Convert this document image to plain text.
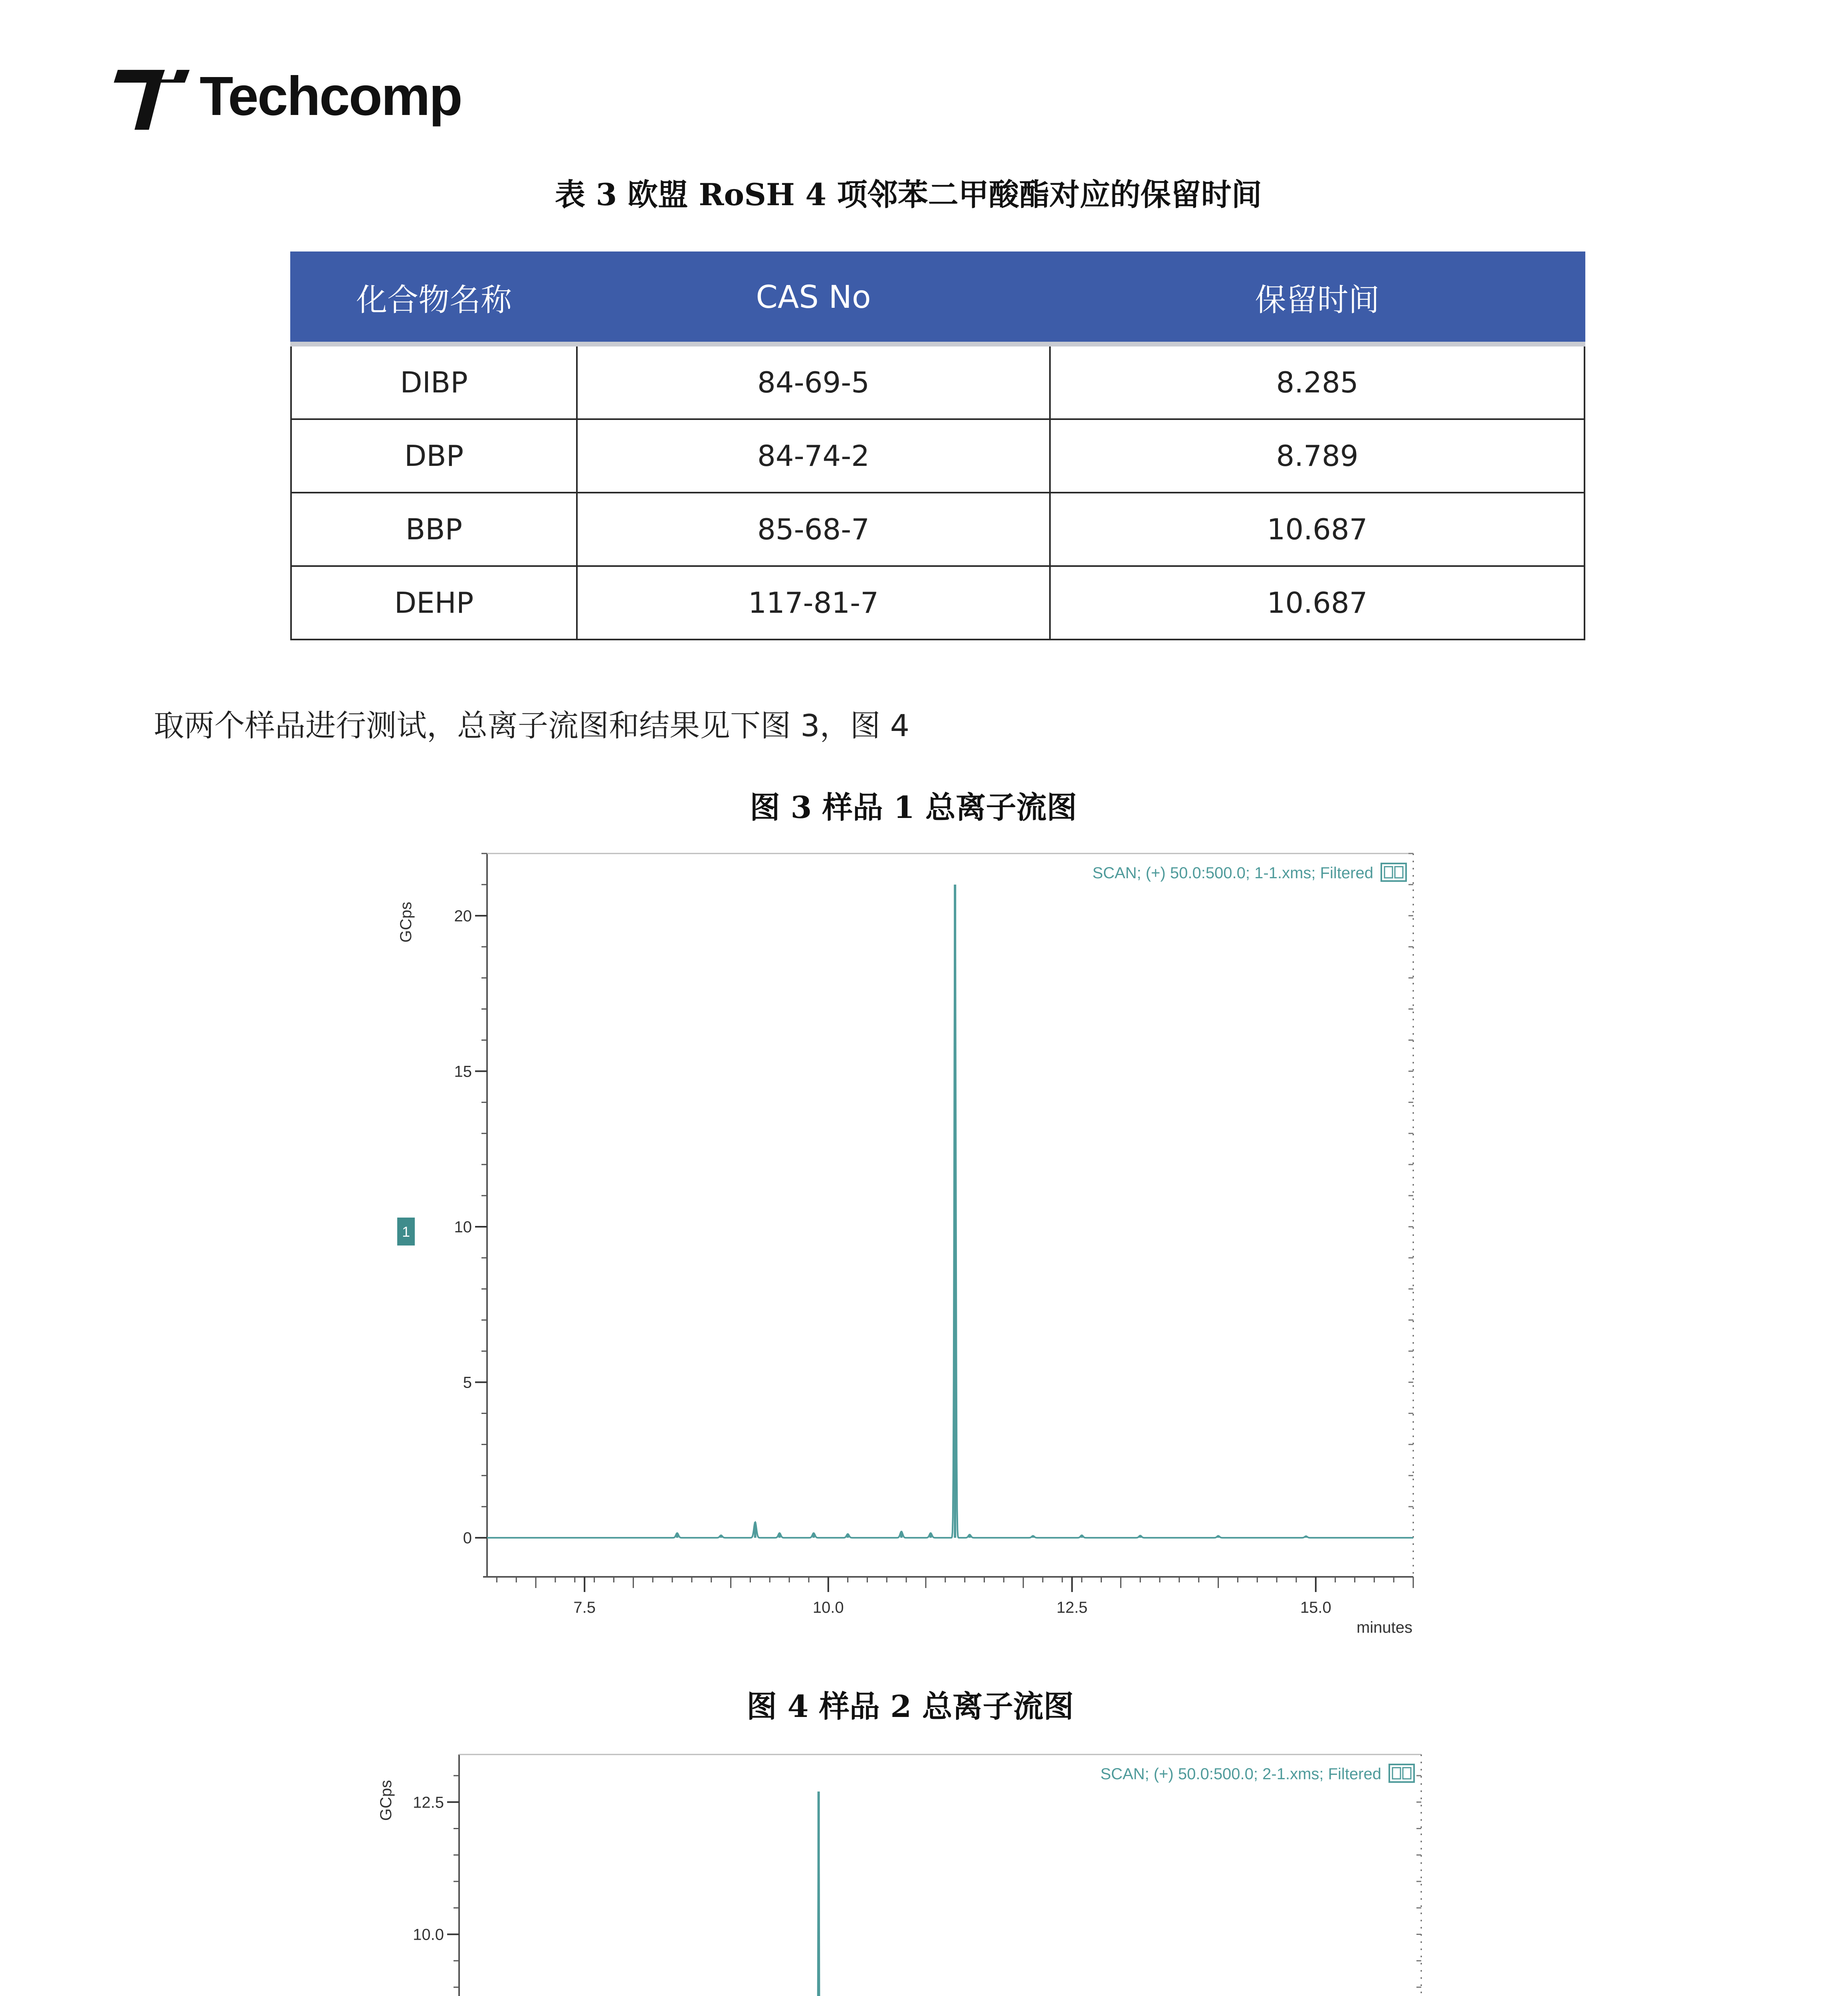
Techcomp
表 3 欧盟 RoSH 4 项邻苯二甲酸酯对应的保留时间
化合物名称	CAS No	保留时间
DIBP	84-69-5	8.285
DBP	84-74-2	8.789
BBP	85-68-7	10.687
DEHP	117-81-7	10.687
取两个样品进行测试，总离子流图和结果见下图 3，图 4
图 3 样品 1 总离子流图
7.5	10.0	12.5	15.0
0
5
10
15
20
GCps
minutes
SCAN; (+) 50.0:500.0; 1-1.xms; Filtered
1
图 4 样品 2 总离子流图
10.0
12.5
GCps
SCAN; (+) 50.0:500.0; 2-1.xms; Filtered
